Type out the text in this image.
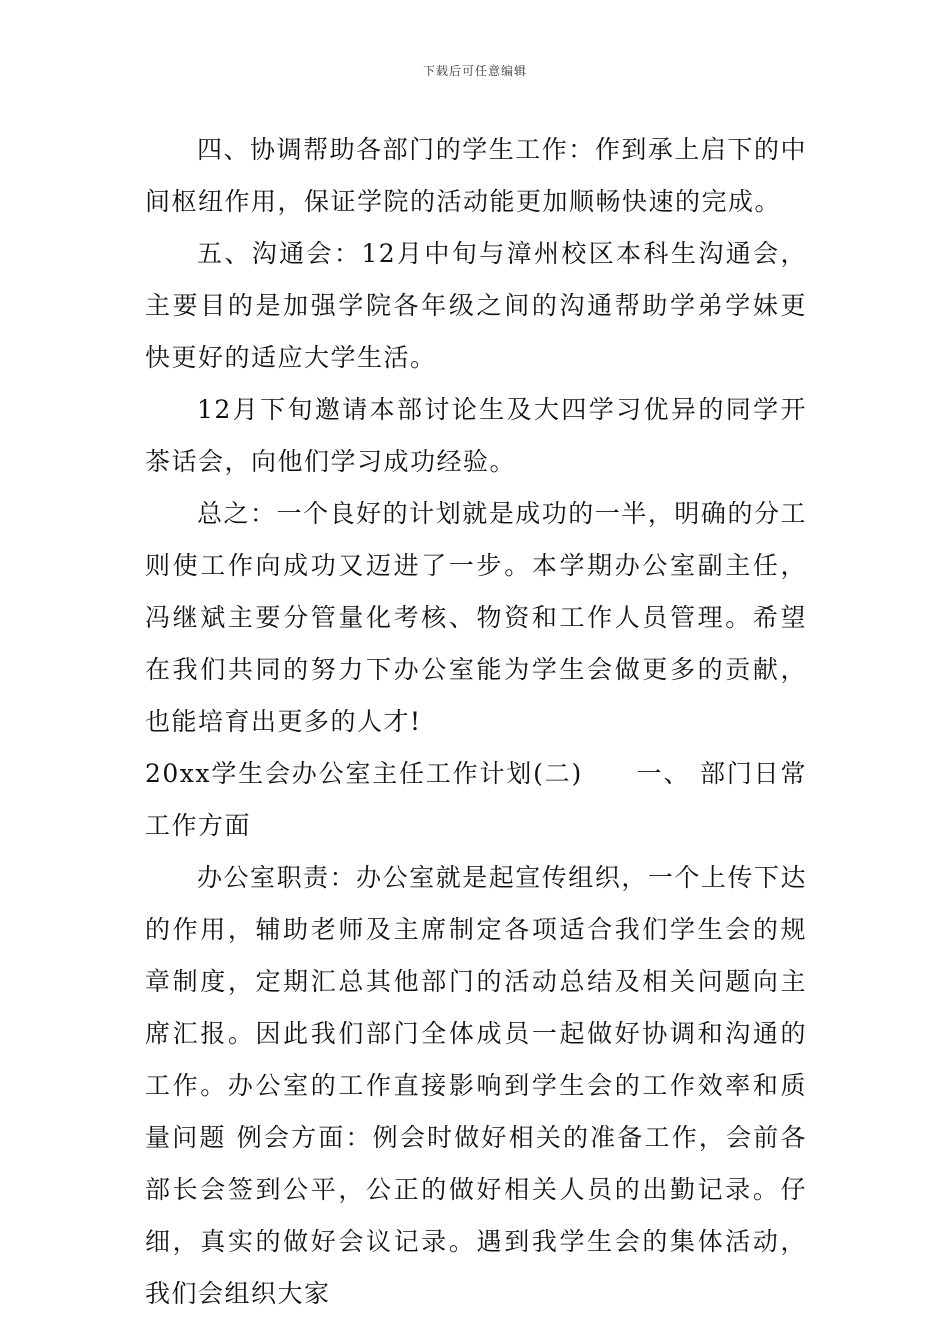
下载后可任意编辑

四、协调帮助各部门的学生工作：作到承上启下的中间枢纽作用，保证学院的活动能更加顺畅快速的完成。

五、沟通会：12月中旬与漳州校区本科生沟通会，主要目的是加强学院各年级之间的沟通帮助学弟学妹更快更好的适应大学生活。

12月下旬邀请本部讨论生及大四学习优异的同学开茶话会，向他们学习成功经验。

总之：一个良好的计划就是成功的一半，明确的分工则使工作向成功又迈进了一步。本学期办公室副主任，冯继斌主要分管量化考核、物资和工作人员管理。希望在我们共同的努力下办公室能为学生会做更多的贡献，也能培育出更多的人才!

20xx学生会办公室主任工作计划(二)　　一、 部门日常工作方面

办公室职责：办公室就是起宣传组织，一个上传下达的作用，辅助老师及主席制定各项适合我们学生会的规章制度，定期汇总其他部门的活动总结及相关问题向主席汇报。因此我们部门全体成员一起做好协调和沟通的工作。办公室的工作直接影响到学生会的工作效率和质量问题 例会方面：例会时做好相关的准备工作，会前各部长会签到公平，公正的做好相关人员的出勤记录。仔细，真实的做好会议记录。遇到我学生会的集体活动，我们会组织大家
